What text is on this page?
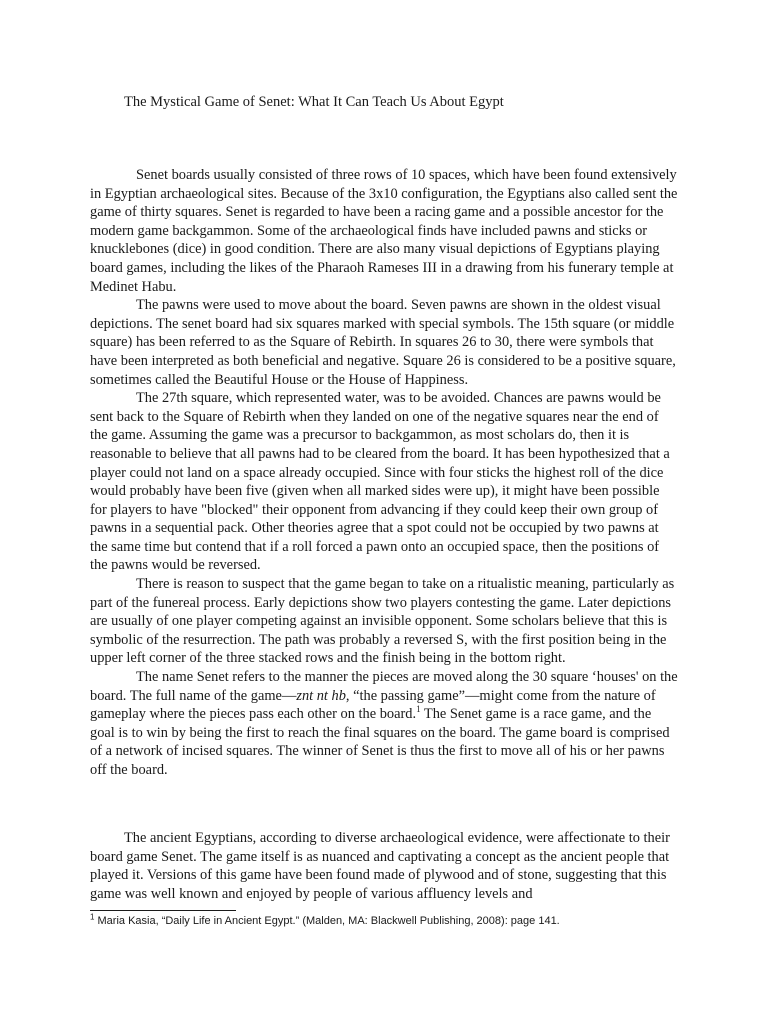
The Mystical Game of Senet: What It Can Teach Us About Egypt

Senet boards usually consisted of three rows of 10 spaces, which have been found extensively in Egyptian archaeological sites. Because of the 3x10 configuration, the Egyptians also called sent the game of thirty squares. Senet is regarded to have been a racing game and a possible ancestor for the modern game backgammon. Some of the archaeological finds have included pawns and sticks or knucklebones (dice) in good condition. There are also many visual depictions of Egyptians playing board games, including the likes of the Pharaoh Rameses III in a drawing from his funerary temple at Medinet Habu.

The pawns were used to move about the board. Seven pawns are shown in the oldest visual depictions. The senet board had six squares marked with special symbols. The 15th square (or middle square) has been referred to as the Square of Rebirth. In squares 26 to 30, there were symbols that have been interpreted as both beneficial and negative. Square 26 is considered to be a positive square, sometimes called the Beautiful House or the House of Happiness.

The 27th square, which represented water, was to be avoided. Chances are pawns would be sent back to the Square of Rebirth when they landed on one of the negative squares near the end of the game. Assuming the game was a precursor to backgammon, as most scholars do, then it is reasonable to believe that all pawns had to be cleared from the board. It has been hypothesized that a player could not land on a space already occupied. Since with four sticks the highest roll of the dice would probably have been five (given when all marked sides were up), it might have been possible for players to have "blocked" their opponent from advancing if they could keep their own group of pawns in a sequential pack. Other theories agree that a spot could not be occupied by two pawns at the same time but contend that if a roll forced a pawn onto an occupied space, then the positions of the pawns would be reversed.

There is reason to suspect that the game began to take on a ritualistic meaning, particularly as part of the funereal process. Early depictions show two players contesting the game. Later depictions are usually of one player competing against an invisible opponent. Some scholars believe that this is symbolic of the resurrection. The path was probably a reversed S, with the first position being in the upper left corner of the three stacked rows and the finish being in the bottom right.

The name Senet refers to the manner the pieces are moved along the 30 square ‘houses' on the board. The full name of the game—znt nt hb, “the passing game”—might come from the nature of gameplay where the pieces pass each other on the board.$^1$ The Senet game is a race game, and the goal is to win by being the first to reach the final squares on the board. The game board is comprised of a network of incised squares. The winner of Senet is thus the first to move all of his or her pawns off the board.

The ancient Egyptians, according to diverse archaeological evidence, were affectionate to their board game Senet. The game itself is as nuanced and captivating a concept as the ancient people that played it. Versions of this game have been found made of plywood and of stone, suggesting that this game was well known and enjoyed by people of various affluency levels and

$^1$ Maria Kasia, “Daily Life in Ancient Egypt.” (Malden, MA: Blackwell Publishing, 2008): page 141.
